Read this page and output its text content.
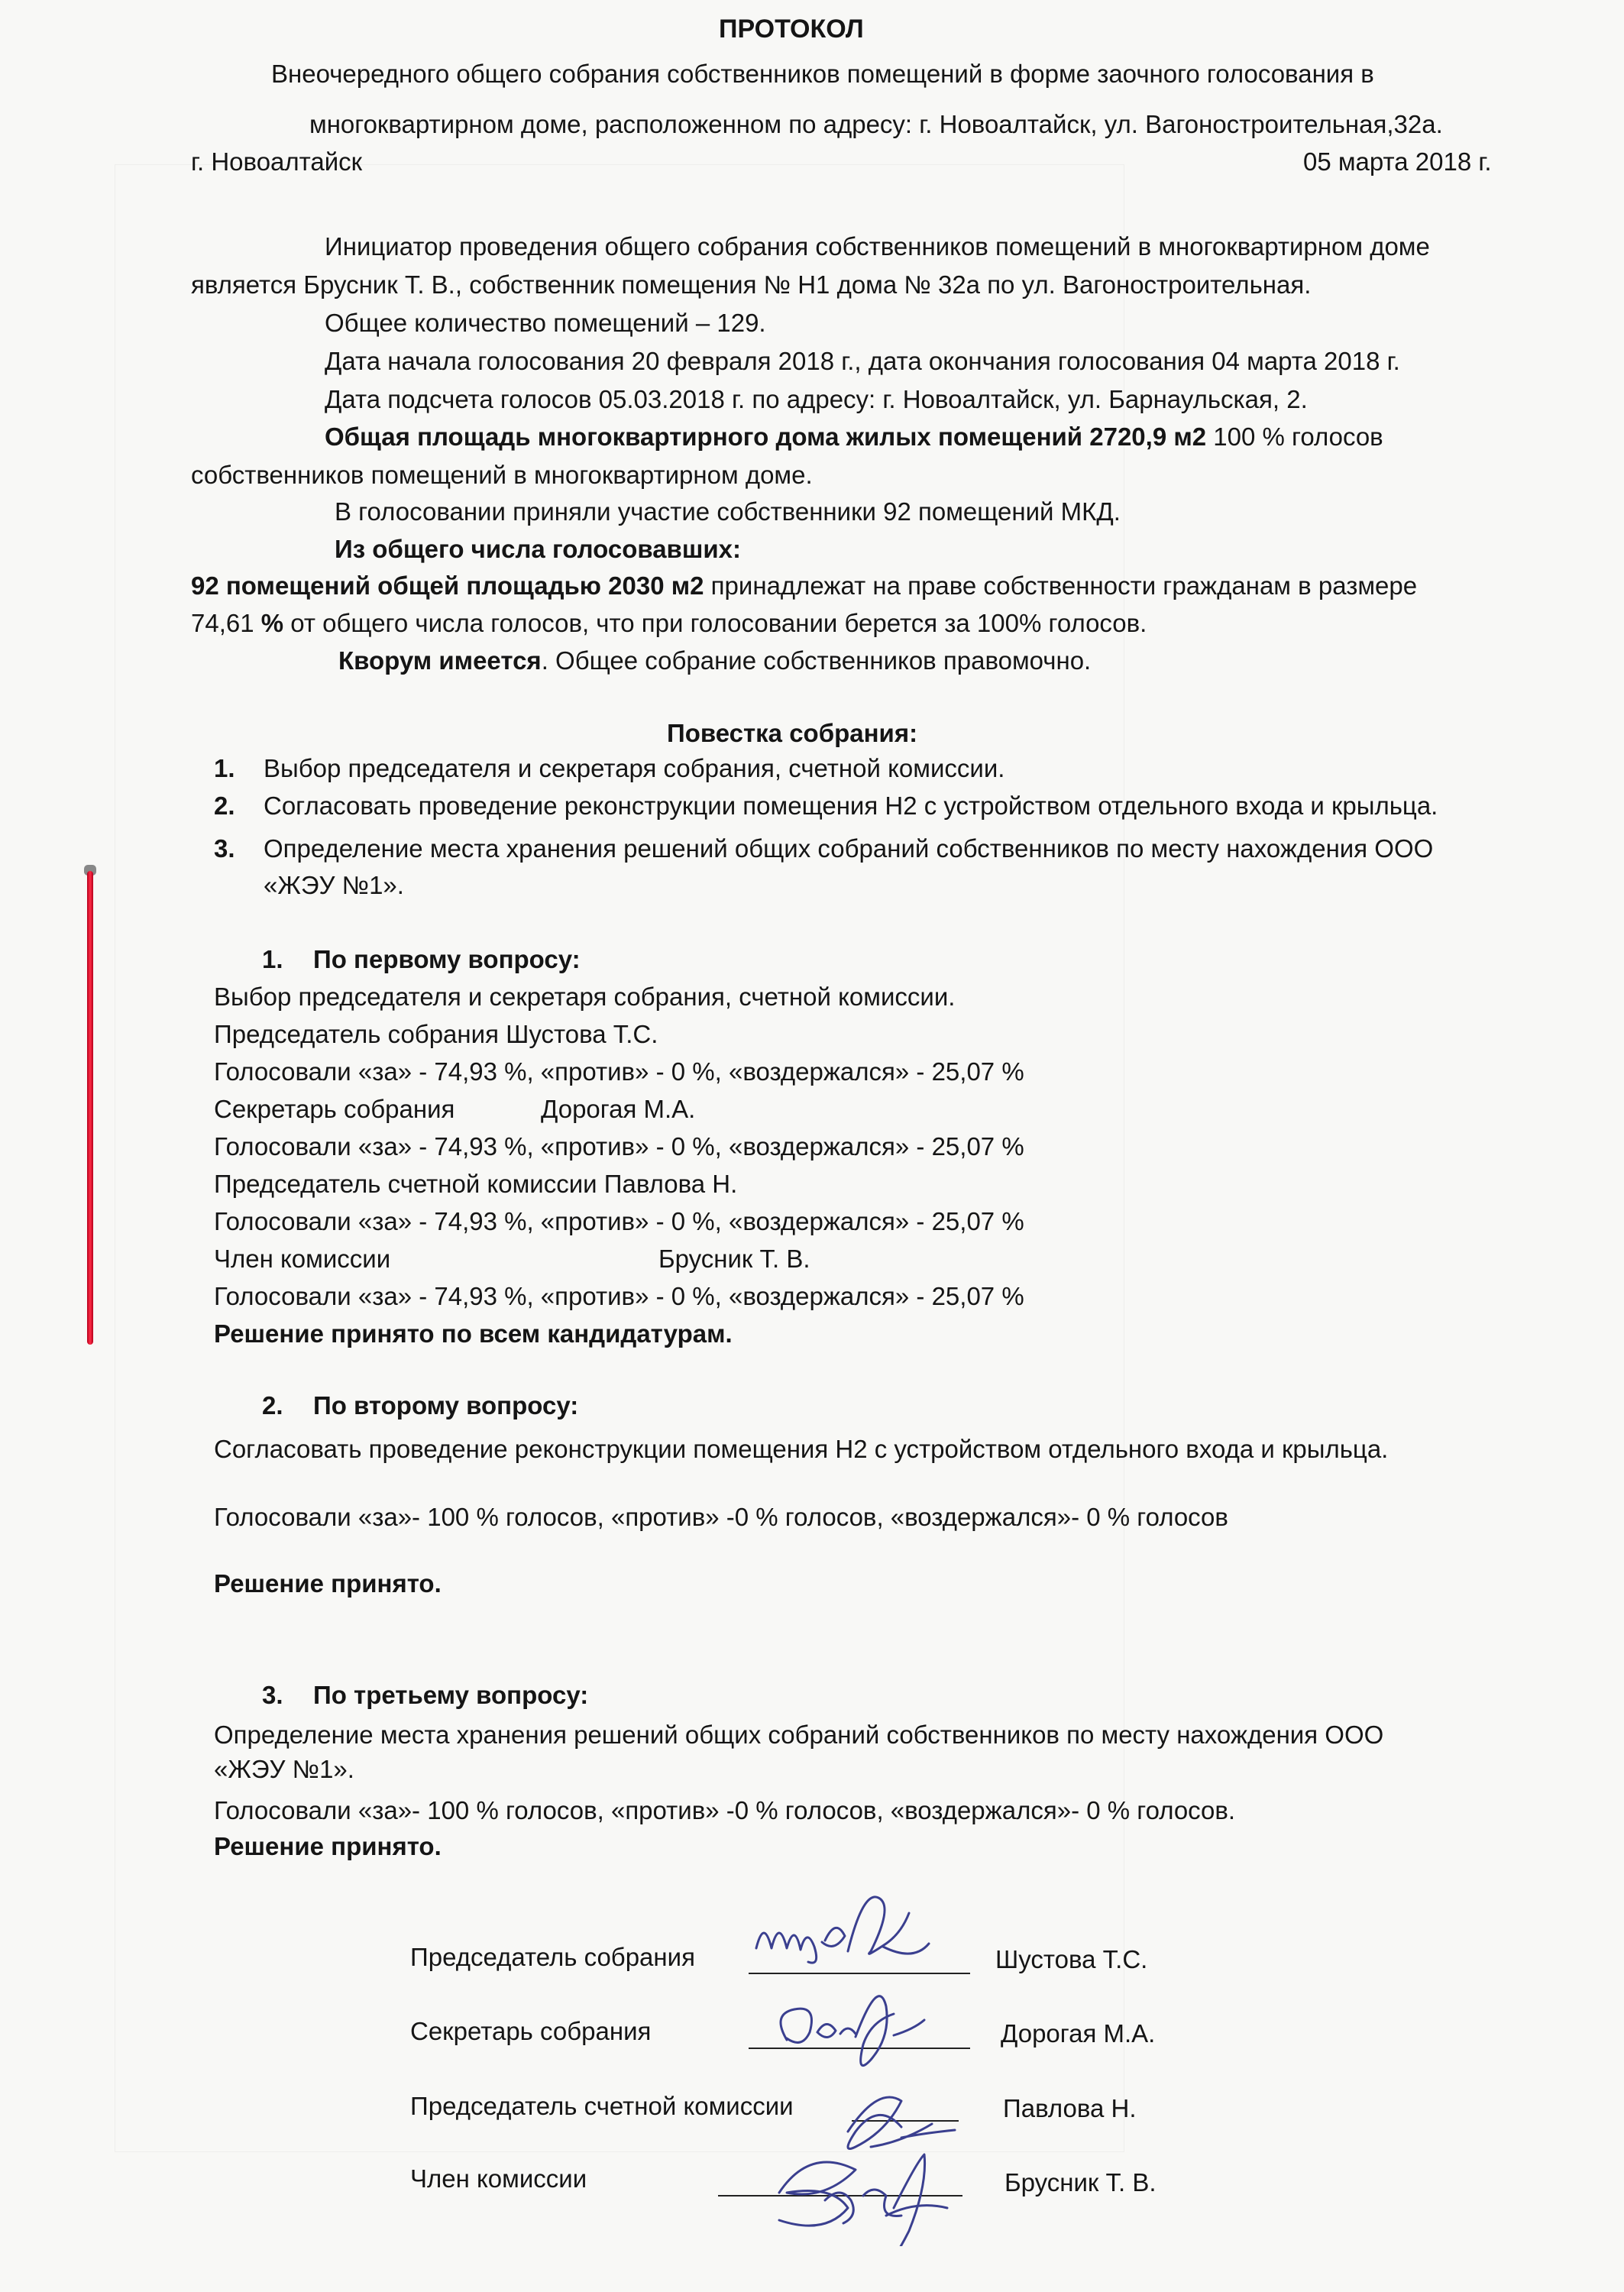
ПРОТОКОЛ
Внеочередного общего собрания собственников помещений в форме заочного голосования в
многоквартирном доме, расположенном по адресу: г. Новоалтайск, ул. Вагоностроительная,32а.
г. Новоалтайск	05 марта 2018 г.
Инициатор проведения общего собрания собственников помещений в многоквартирном доме
является Брусник Т. В., собственник помещения № Н1 дома № 32а по ул. Вагоностроительная.
Общее количество помещений – 129.
Дата начала голосования 20 февраля 2018 г., дата окончания голосования 04 марта 2018 г.
Дата подсчета голосов 05.03.2018 г. по адресу: г. Новоалтайск, ул. Барнаульская, 2.
Общая площадь многоквартирного дома жилых помещений 2720,9 м2 100 % голосов
собственников помещений в многоквартирном доме.
В голосовании приняли участие собственники 92 помещений МКД.
Из общего числа голосовавших:
92 помещений общей площадью 2030 м2 принадлежат на праве собственности гражданам в размере
74,61 % от общего числа голосов, что при голосовании берется за 100% голосов.
Кворум имеется. Общее собрание собственников правомочно.
Повестка собрания:
1. Выбор председателя и секретаря собрания, счетной комиссии.
2. Согласовать проведение реконструкции помещения Н2 с устройством отдельного входа и крыльца.
3. Определение места хранения решений общих собраний собственников по месту нахождения ООО
«ЖЭУ №1».
1. По первому вопросу:
Выбор председателя и секретаря собрания, счетной комиссии.
Председатель собрания Шустова Т.С.
Голосовали «за» - 74,93 %, «против» - 0 %, «воздержался» - 25,07 %
Секретарь собрания	Дорогая М.А.
Голосовали «за» - 74,93 %, «против» - 0 %, «воздержался» - 25,07 %
Председатель счетной комиссии Павлова Н.
Голосовали «за» - 74,93 %, «против» - 0 %, «воздержался» - 25,07 %
Член комиссии	Брусник Т. В.
Голосовали «за» - 74,93 %, «против» - 0 %, «воздержался» - 25,07 %
Решение принято по всем кандидатурам.
2. По второму вопросу:
Согласовать проведение реконструкции помещения Н2 с устройством отдельного входа и крыльца.
Голосовали «за»- 100 % голосов, «против» -0 % голосов, «воздержался»- 0 % голосов
Решение принято.
3. По третьему вопросу:
Определение места хранения решений общих собраний собственников по месту нахождения ООО
«ЖЭУ №1».
Голосовали «за»- 100 % голосов, «против» -0 % голосов, «воздержался»- 0 % голосов.
Решение принято.
Председатель собрания	Шустова Т.С.
Секретарь собрания	Дорогая М.А.
Председатель счетной комиссии	Павлова Н.
Член комиссии	Брусник Т. В.
